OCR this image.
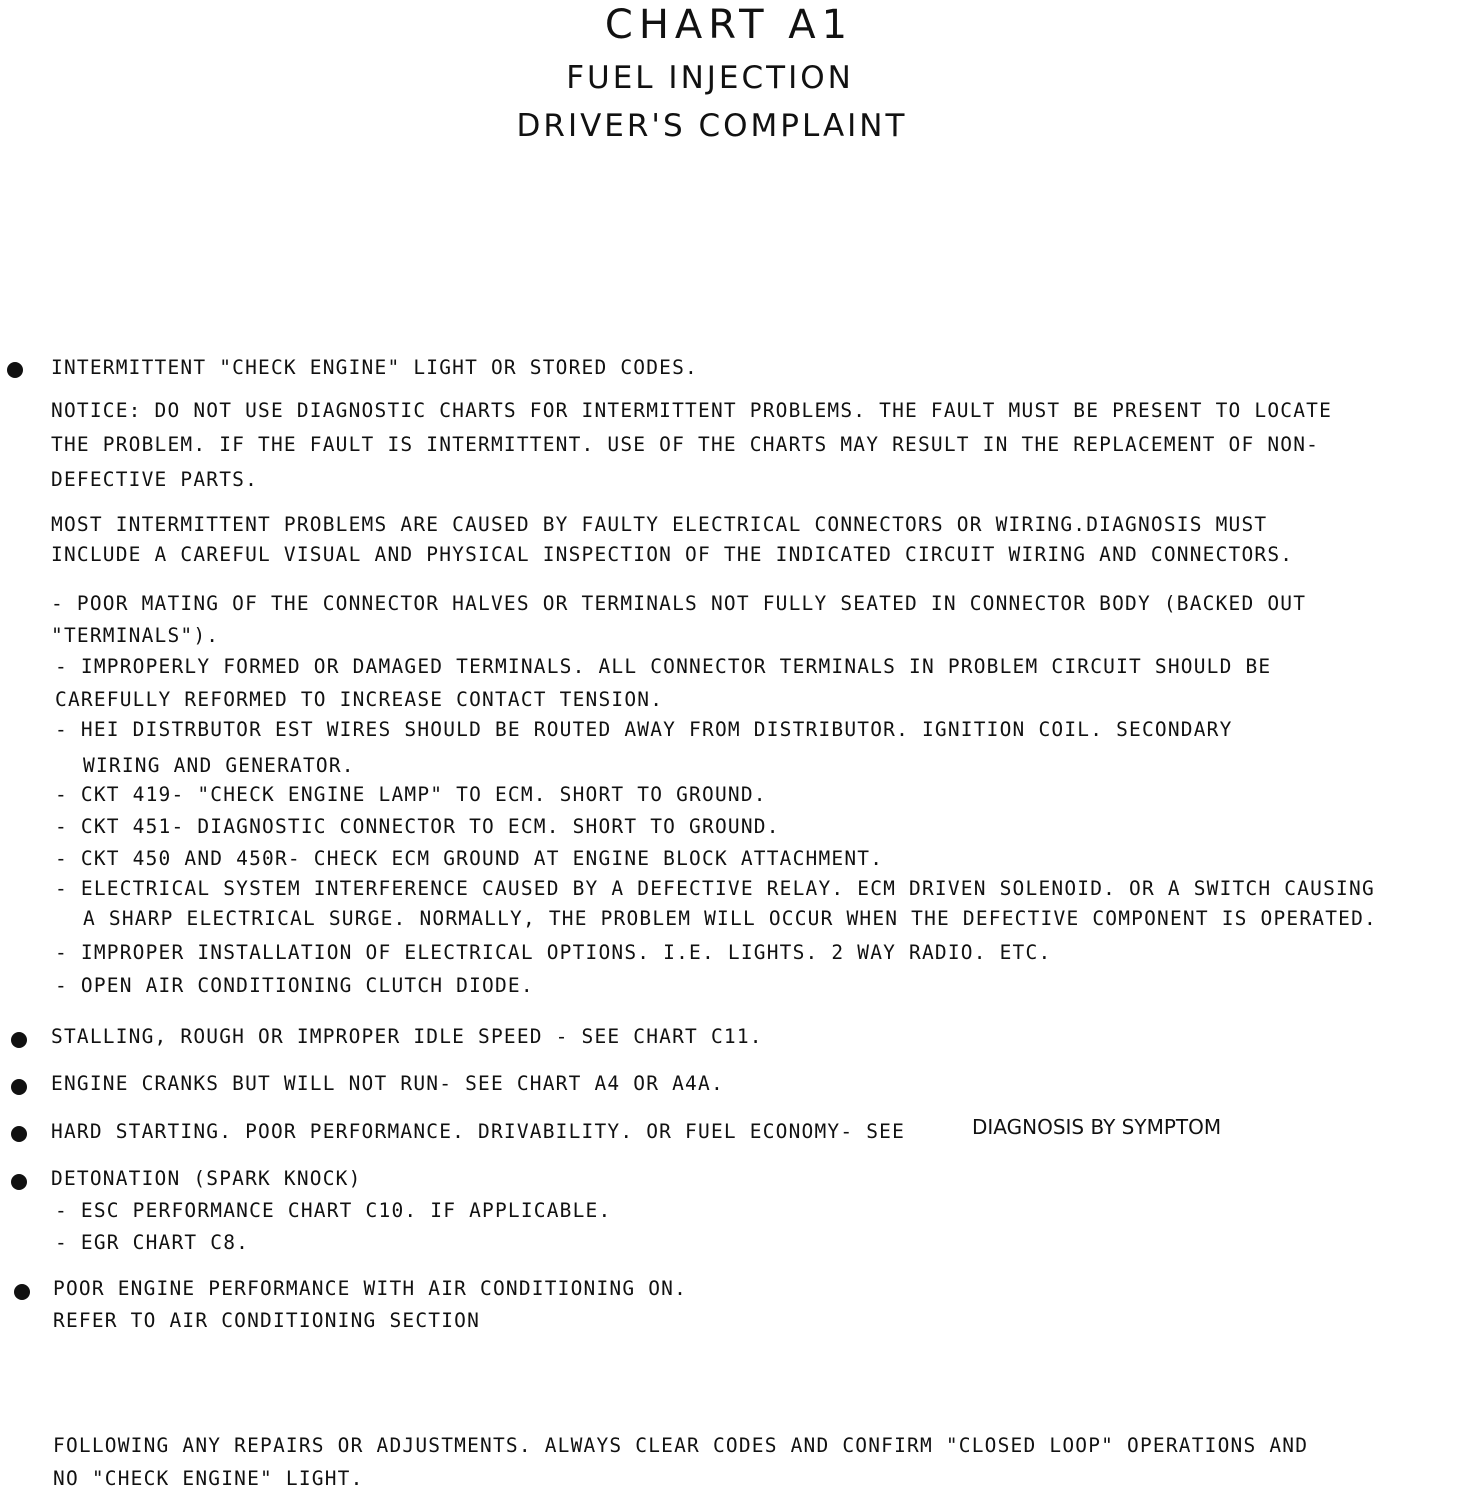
CHART A1
FUEL INJECTION
DRIVER'S COMPLAINT
INTERMITTENT "CHECK ENGINE" LIGHT OR STORED CODES.
NOTICE: DO NOT USE DIAGNOSTIC CHARTS FOR INTERMITTENT PROBLEMS. THE FAULT MUST BE PRESENT TO LOCATE
THE PROBLEM. IF THE FAULT IS INTERMITTENT. USE OF THE CHARTS MAY RESULT IN THE REPLACEMENT OF NON-
DEFECTIVE PARTS.
MOST INTERMITTENT PROBLEMS ARE CAUSED BY FAULTY ELECTRICAL CONNECTORS OR WIRING.DIAGNOSIS MUST
INCLUDE A CAREFUL VISUAL AND PHYSICAL INSPECTION OF THE INDICATED CIRCUIT WIRING AND CONNECTORS.
- POOR MATING OF THE CONNECTOR HALVES OR TERMINALS NOT FULLY SEATED IN CONNECTOR BODY (BACKED OUT
"TERMINALS").
- IMPROPERLY FORMED OR DAMAGED TERMINALS. ALL CONNECTOR TERMINALS IN PROBLEM CIRCUIT SHOULD BE
CAREFULLY REFORMED TO INCREASE CONTACT TENSION.
- HEI DISTRBUTOR EST WIRES SHOULD BE ROUTED AWAY FROM DISTRIBUTOR. IGNITION COIL. SECONDARY
WIRING AND GENERATOR.
- CKT 419- "CHECK ENGINE LAMP" TO ECM. SHORT TO GROUND.
- CKT 451- DIAGNOSTIC CONNECTOR TO ECM. SHORT TO GROUND.
- CKT 450 AND 450R- CHECK ECM GROUND AT ENGINE BLOCK ATTACHMENT.
- ELECTRICAL SYSTEM INTERFERENCE CAUSED BY A DEFECTIVE RELAY. ECM DRIVEN SOLENOID. OR A SWITCH CAUSING
A SHARP ELECTRICAL SURGE. NORMALLY, THE PROBLEM WILL OCCUR WHEN THE DEFECTIVE COMPONENT IS OPERATED.
- IMPROPER INSTALLATION OF ELECTRICAL OPTIONS. I.E. LIGHTS. 2 WAY RADIO. ETC.
- OPEN AIR CONDITIONING CLUTCH DIODE.
STALLING, ROUGH OR IMPROPER IDLE SPEED - SEE CHART C11.
ENGINE CRANKS BUT WILL NOT RUN- SEE CHART A4 OR A4A.
HARD STARTING. POOR PERFORMANCE. DRIVABILITY. OR FUEL ECONOMY- SEE	DIAGNOSIS BY SYMPTOM
DETONATION (SPARK KNOCK)
- ESC PERFORMANCE CHART C10. IF APPLICABLE.
- EGR CHART C8.
POOR ENGINE PERFORMANCE WITH AIR CONDITIONING ON.
REFER TO AIR CONDITIONING SECTION
FOLLOWING ANY REPAIRS OR ADJUSTMENTS. ALWAYS CLEAR CODES AND CONFIRM "CLOSED LOOP" OPERATIONS AND
NO "CHECK ENGINE" LIGHT.
